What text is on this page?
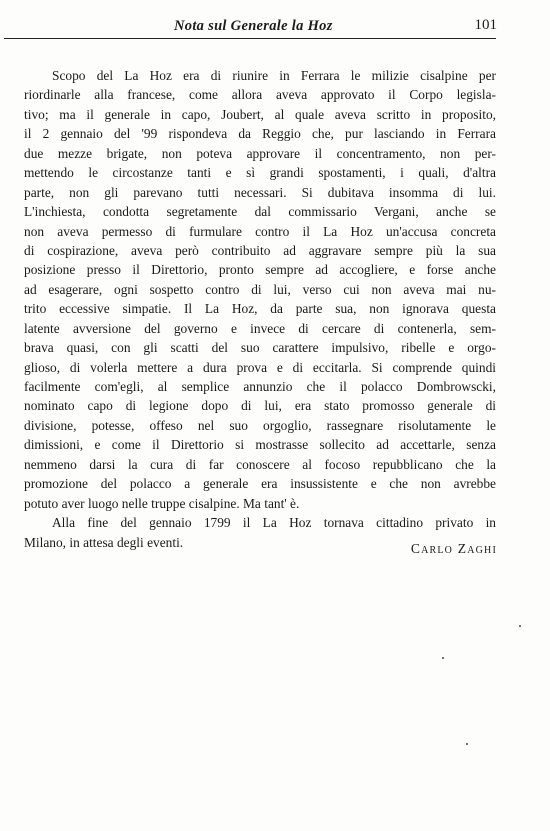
Nota sul Generale la Hoz	101
Scopo del La Hoz era di riunire in Ferrara le milizie cisalpine per
riordinarle alla francese, come allora aveva approvato il Corpo legisla-
tivo; ma il generale in capo, Joubert, al quale aveva scritto in proposito,
il 2 gennaio del '99 rispondeva da Reggio che, pur lasciando in Ferrara
due mezze brigate, non poteva approvare il concentramento, non per-
mettendo le circostanze tanti e sì grandi spostamenti, i quali, d'altra
parte, non gli parevano tutti necessari. Si dubitava insomma di lui.
L'inchiesta, condotta segretamente dal commissario Vergani, anche se
non aveva permesso di furmulare contro il La Hoz un'accusa concreta
di cospirazione, aveva però contribuito ad aggravare sempre più la sua
posizione presso il Direttorio, pronto sempre ad accogliere, e forse anche
ad esagerare, ogni sospetto contro di lui, verso cui non aveva mai nu-
trito eccessive simpatie. Il La Hoz, da parte sua, non ignorava questa
latente avversione del governo e invece di cercare di contenerla, sem-
brava quasi, con gli scatti del suo carattere impulsivo, ribelle e orgo-
glioso, di volerla mettere a dura prova e di eccitarla. Si comprende quindi
facilmente com'egli, al semplice annunzio che il polacco Dombrowscki,
nominato capo di legione dopo di lui, era stato promosso generale di
divisione, potesse, offeso nel suo orgoglio, rassegnare risolutamente le
dimissioni, e come il Direttorio si mostrasse sollecito ad accettarle, senza
nemmeno darsi la cura di far conoscere al focoso repubblicano che la
promozione del polacco a generale era insussistente e che non avrebbe
potuto aver luogo nelle truppe cisalpine. Ma tant' è.
Alla fine del gennaio 1799 il La Hoz tornava cittadino privato in
Milano, in attesa degli eventi.	Carlo Zaghi
